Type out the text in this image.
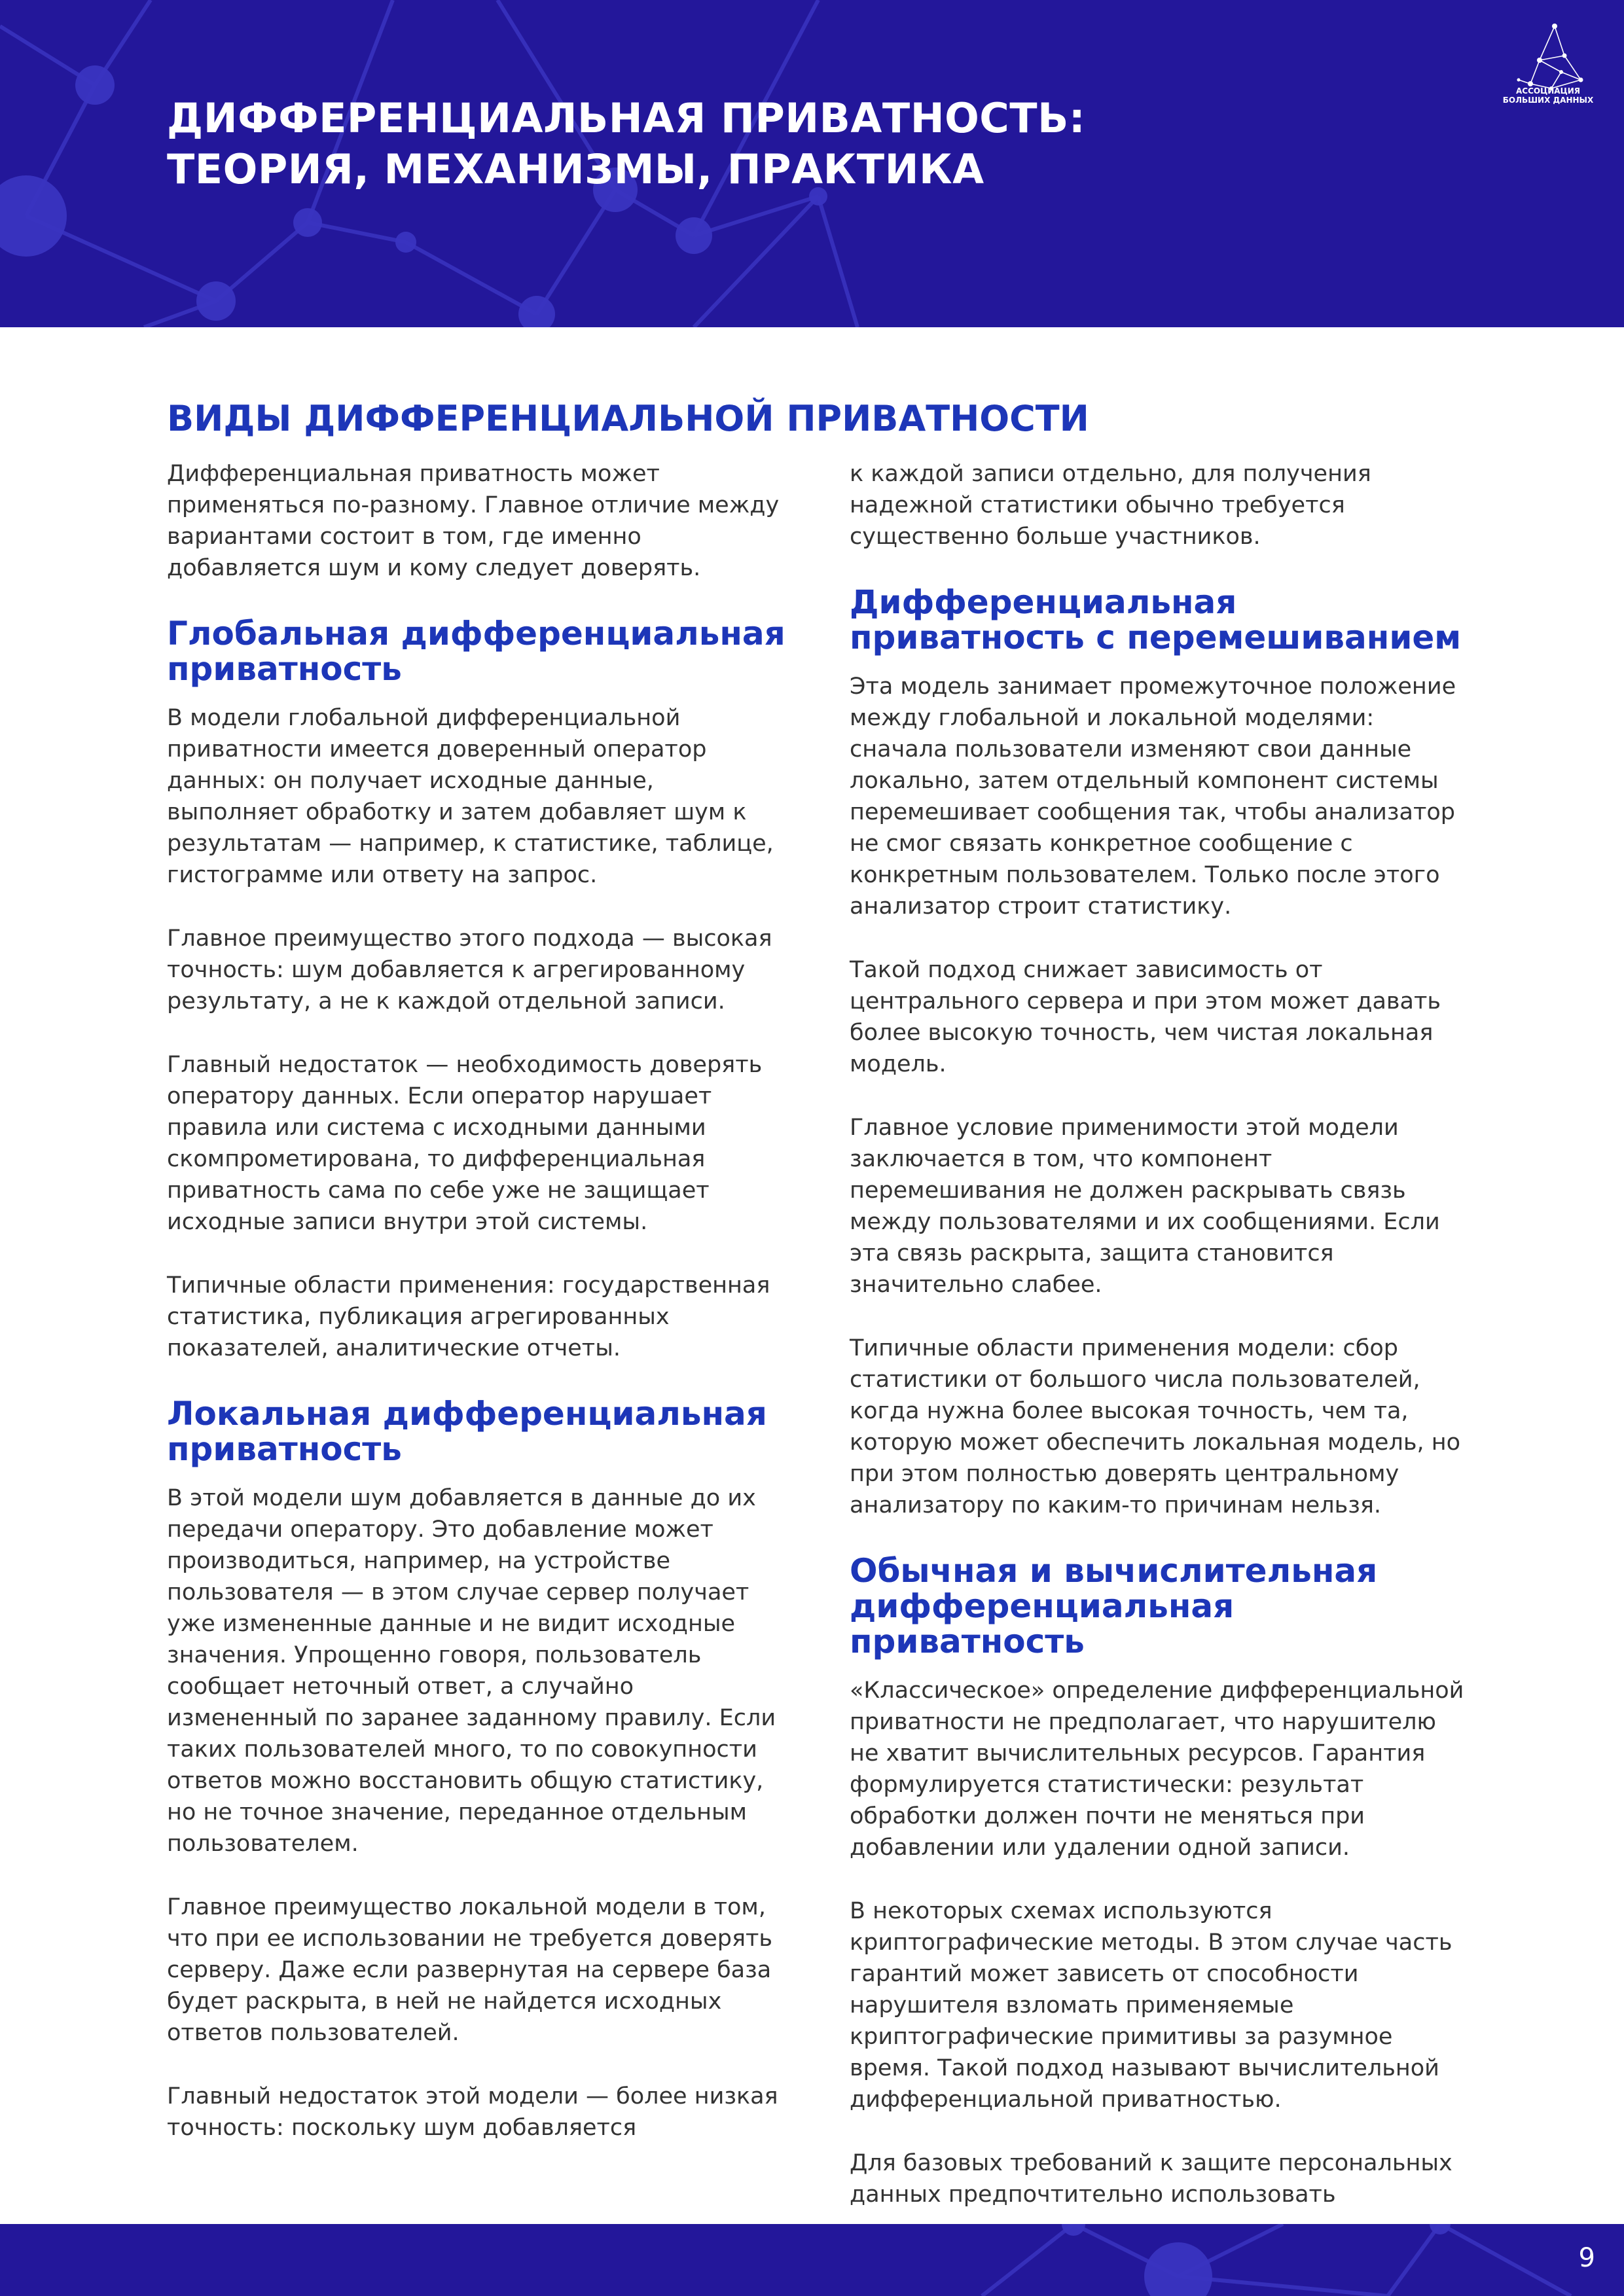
ДИФФЕРЕНЦИАЛЬНАЯ ПРИВАТНОСТЬ:
ТЕОРИЯ, МЕХАНИЗМЫ, ПРАКТИКА
АССОЦИАЦИЯ
БОЛЬШИХ ДАННЫХ
ВИДЫ ДИФФЕРЕНЦИАЛЬНОЙ ПРИВАТНОСТИ

Дифференциальная приватность может применяться по-разному. Главное отличие между вариантами состоит в том, где именно добавляется шум и кому следует доверять.

Глобальная дифференциальная приватность

В модели глобальной дифференциальной приватности имеется доверенный оператор данных: он получает исходные данные, выполняет обработку и затем добавляет шум к результатам — например, к статистике, таблице, гистограмме или ответу на запрос.

Главное преимущество этого подхода — высокая точность: шум добавляется к агрегированному результату, а не к каждой отдельной записи.

Главный недостаток — необходимость доверять оператору данных. Если оператор нарушает правила или система с исходными данными скомпрометирована, то дифференциальная приватность сама по себе уже не защищает исходные записи внутри этой системы.

Типичные области применения: государственная статистика, публикация агрегированных показателей, аналитические отчеты.

Локальная дифференциальная приватность

В этой модели шум добавляется в данные до их передачи оператору. Это добавление может производиться, например, на устройстве пользователя — в этом случае сервер получает уже измененные данные и не видит исходные значения. Упрощенно говоря, пользователь сообщает неточный ответ, а случайно измененный по заранее заданному правилу. Если таких пользователей много, то по совокупности ответов можно восстановить общую статистику, но не точное значение, переданное отдельным пользователем.

Главное преимущество локальной модели в том, что при ее использовании не требуется доверять серверу. Даже если развернутая на сервере база будет раскрыта, в ней не найдется исходных ответов пользователей.

Главный недостаток этой модели — более низкая точность: поскольку шум добавляется

к каждой записи отдельно, для получения надежной статистики обычно требуется существенно больше участников.

Дифференциальная приватность с перемешиванием

Эта модель занимает промежуточное положение между глобальной и локальной моделями: сначала пользователи изменяют свои данные локально, затем отдельный компонент системы перемешивает сообщения так, чтобы анализатор не смог связать конкретное сообщение с конкретным пользователем. Только после этого анализатор строит статистику.

Такой подход снижает зависимость от центрального сервера и при этом может давать более высокую точность, чем чистая локальная модель.

Главное условие применимости этой модели заключается в том, что компонент перемешивания не должен раскрывать связь между пользователями и их сообщениями. Если эта связь раскрыта, защита становится значительно слабее.

Типичные области применения модели: сбор статистики от большого числа пользователей, когда нужна более высокая точность, чем та, которую может обеспечить локальная модель, но при этом полностью доверять центральному анализатору по каким-то причинам нельзя.

Обычная и вычислительная дифференциальная приватность

«Классическое» определение дифференциальной приватности не предполагает, что нарушителю не хватит вычислительных ресурсов. Гарантия формулируется статистически: результат обработки должен почти не меняться при добавлении или удалении одной записи.

В некоторых схемах используются криптографические методы. В этом случае часть гарантий может зависеть от способности нарушителя взломать применяемые криптографические примитивы за разумное время. Такой подход называют вычислительной дифференциальной приватностью.

Для базовых требований к защите персональных данных предпочтительно использовать

9
